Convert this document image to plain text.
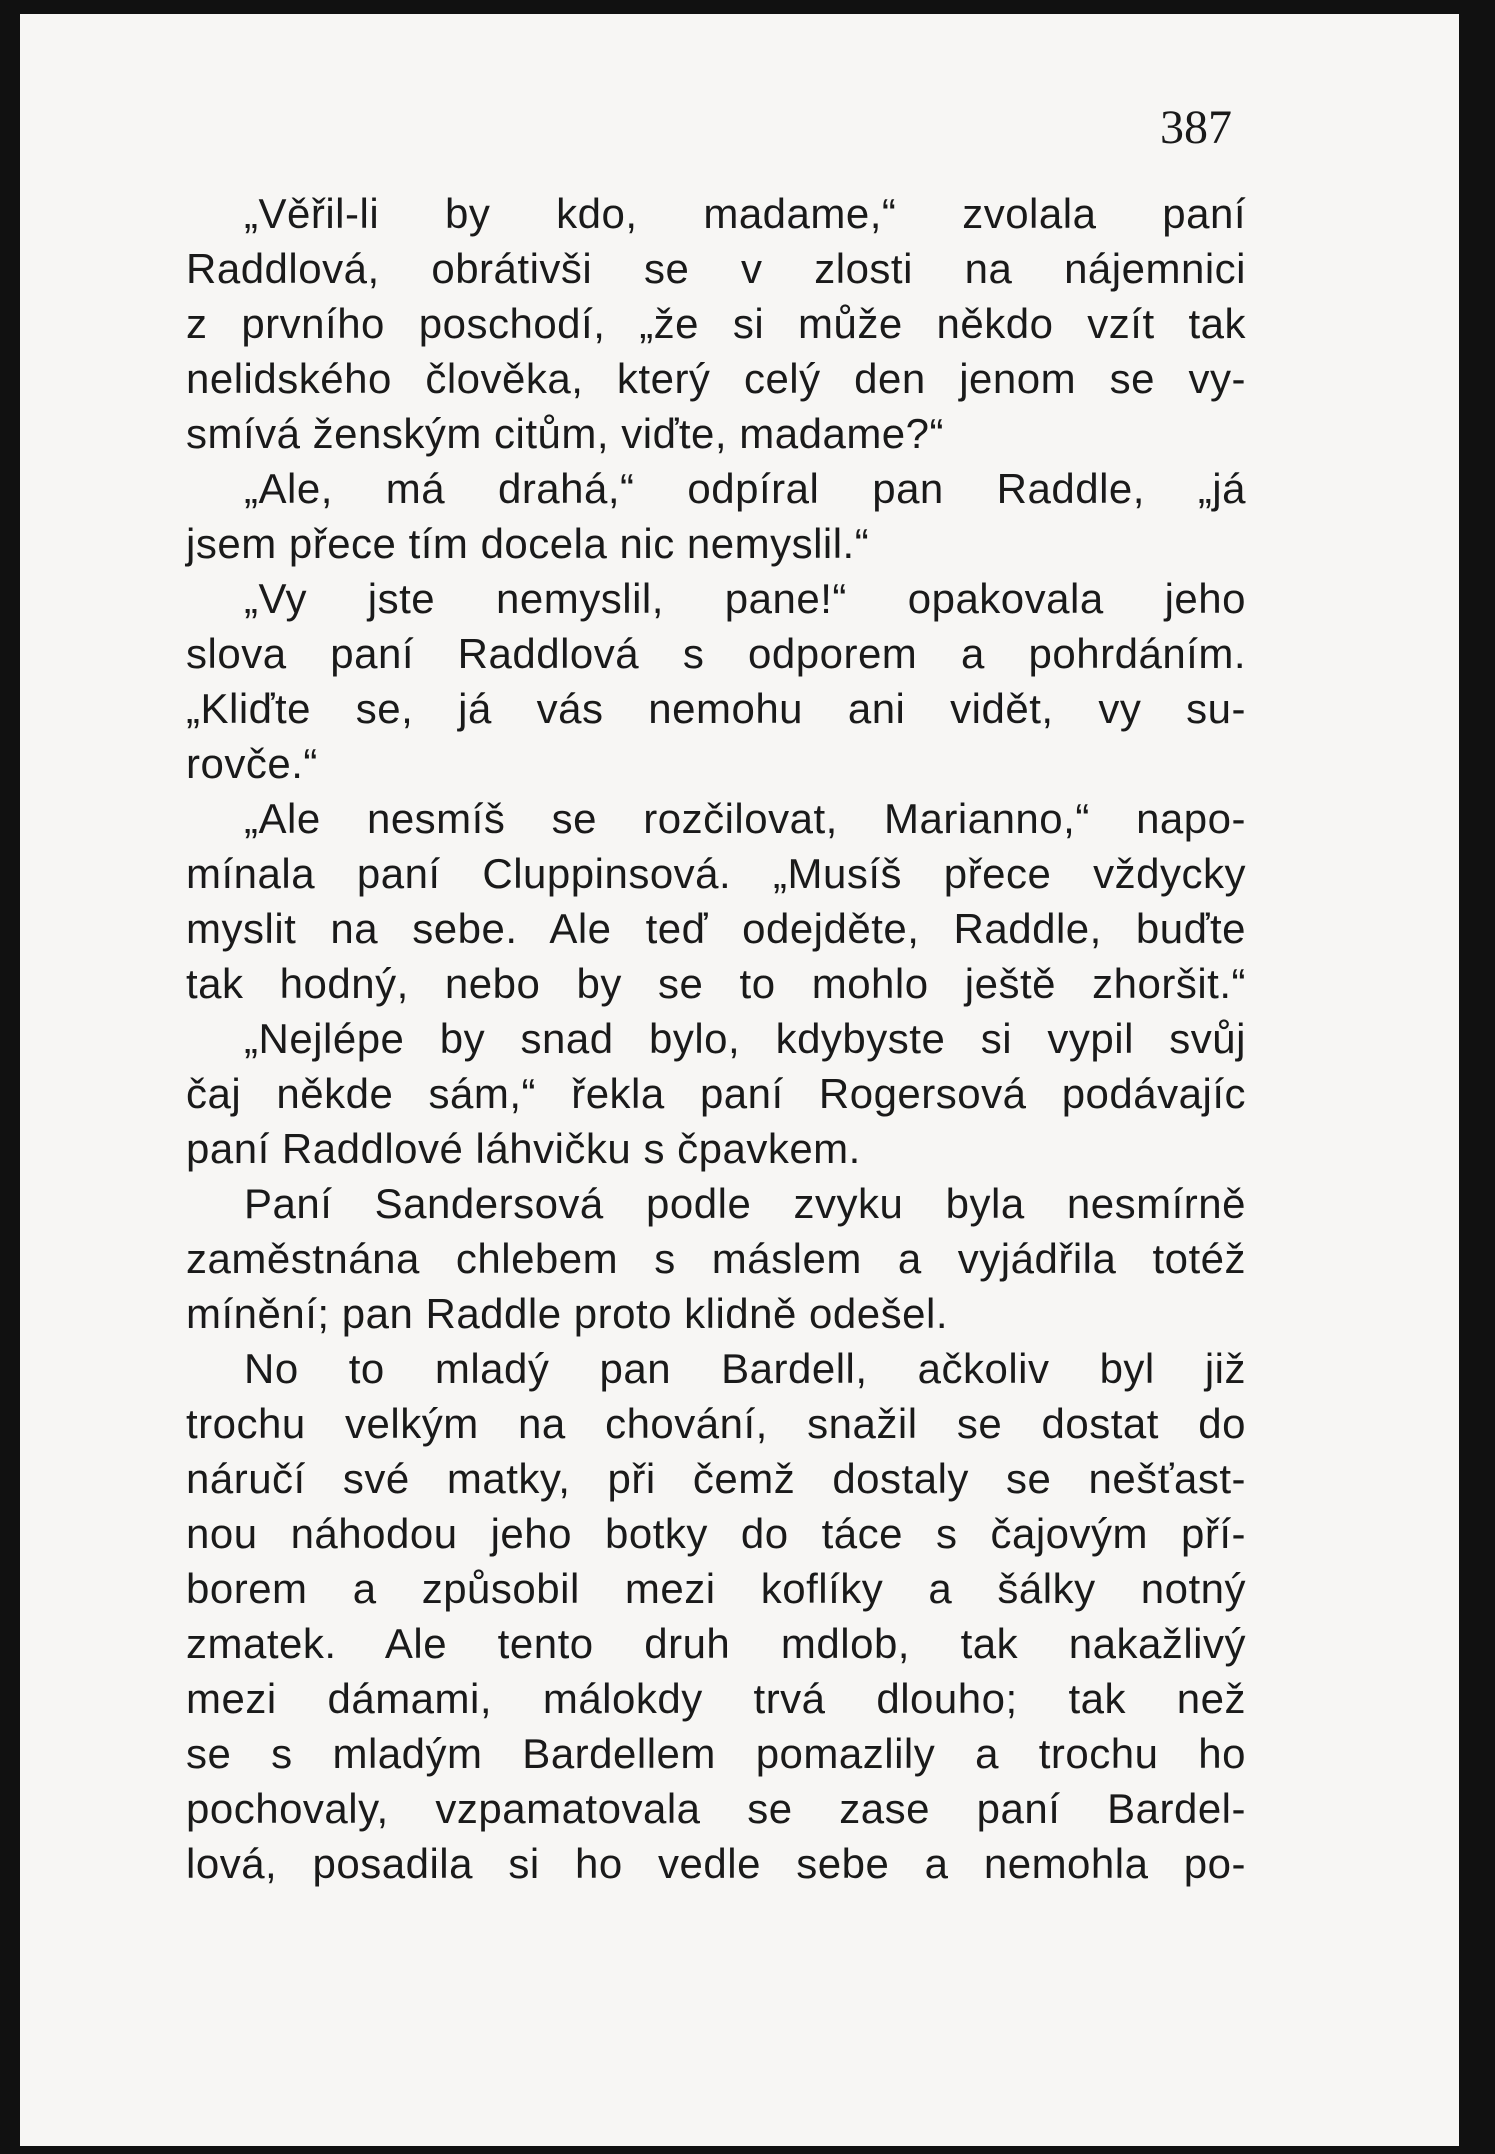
387
„Věřil-li by kdo, madame,“ zvolala paní
Raddlová, obrátivši se v zlosti na nájemnici
z prvního poschodí, „že si může někdo vzít tak
nelidského člověka, který celý den jenom se vy-
smívá ženským citům, viďte, madame?“
„Ale, má drahá,“ odpíral pan Raddle, „já
jsem přece tím docela nic nemyslil.“
„Vy jste nemyslil, pane!“ opakovala jeho
slova paní Raddlová s odporem a pohrdáním.
„Kliďte se, já vás nemohu ani vidět, vy su-
rovče.“
„Ale nesmíš se rozčilovat, Marianno,“ napo-
mínala paní Cluppinsová. „Musíš přece vždycky
myslit na sebe. Ale teď odejděte, Raddle, buďte
tak hodný, nebo by se to mohlo ještě zhoršit.“
„Nejlépe by snad bylo, kdybyste si vypil svůj
čaj někde sám,“ řekla paní Rogersová podávajíc
paní Raddlové láhvičku s čpavkem.
Paní Sandersová podle zvyku byla nesmírně
zaměstnána chlebem s máslem a vyjádřila totéž
mínění; pan Raddle proto klidně odešel.
No to mladý pan Bardell, ačkoliv byl již
trochu velkým na chování, snažil se dostat do
náručí své matky, při čemž dostaly se nešťast-
nou náhodou jeho botky do táce s čajovým pří-
borem a způsobil mezi koflíky a šálky notný
zmatek. Ale tento druh mdlob, tak nakažlivý
mezi dámami, málokdy trvá dlouho; tak než
se s mladým Bardellem pomazlily a trochu ho
pochovaly, vzpamatovala se zase paní Bardel-
lová, posadila si ho vedle sebe a nemohla po-
